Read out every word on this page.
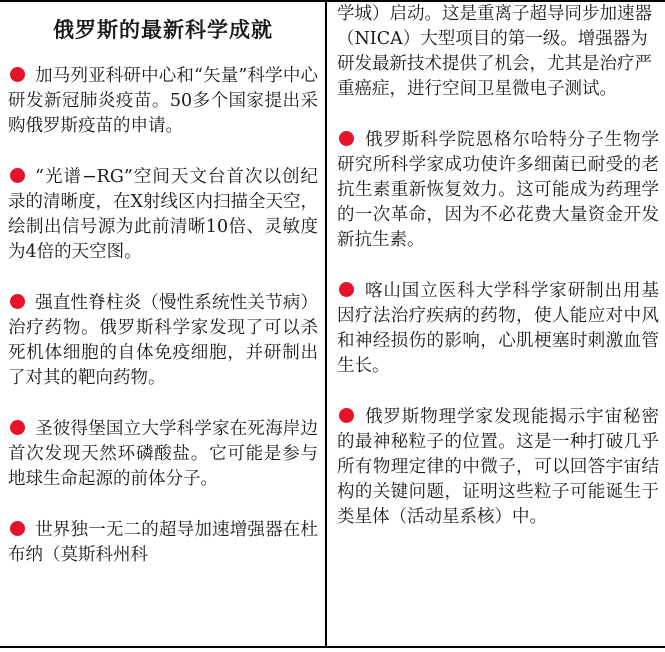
俄罗斯的最新科学成就

加马列亚科研中心和“矢量”科学中心研发新冠肺炎疫苗。50多个国家提出采购俄罗斯疫苗的申请。

“光谱−RG”空间天文台首次以创纪录的清晰度，在X射线区内扫描全天空，绘制出信号源为此前清晰10倍、灵敏度为4倍的天空图。

强直性脊柱炎（慢性系统性关节病）治疗药物。俄罗斯科学家发现了可以杀死机体细胞的自体免疫细胞，并研制出了对其的靶向药物。

圣彼得堡国立大学科学家在死海岸边首次发现天然环磷酸盐。它可能是参与地球生命起源的前体分子。

世界独一无二的超导加速增强器在杜布纳（莫斯科州科

学城）启动。这是重离子超导同步加速器（NICA）大型项目的第一级。增强器为研发最新技术提供了机会，尤其是治疗严重癌症，进行空间卫星微电子测试。

俄罗斯科学院恩格尔哈特分子生物学研究所科学家成功使许多细菌已耐受的老抗生素重新恢复效力。这可能成为药理学的一次革命，因为不必花费大量资金开发新抗生素。

喀山国立医科大学科学家研制出用基因疗法治疗疾病的药物，使人能应对中风和神经损伤的影响，心肌梗塞时刺激血管生长。

俄罗斯物理学家发现能揭示宇宙秘密的最神秘粒子的位置。这是一种打破几乎所有物理定律的中微子，可以回答宇宙结构的关键问题，证明这些粒子可能诞生于类星体（活动星系核）中。
